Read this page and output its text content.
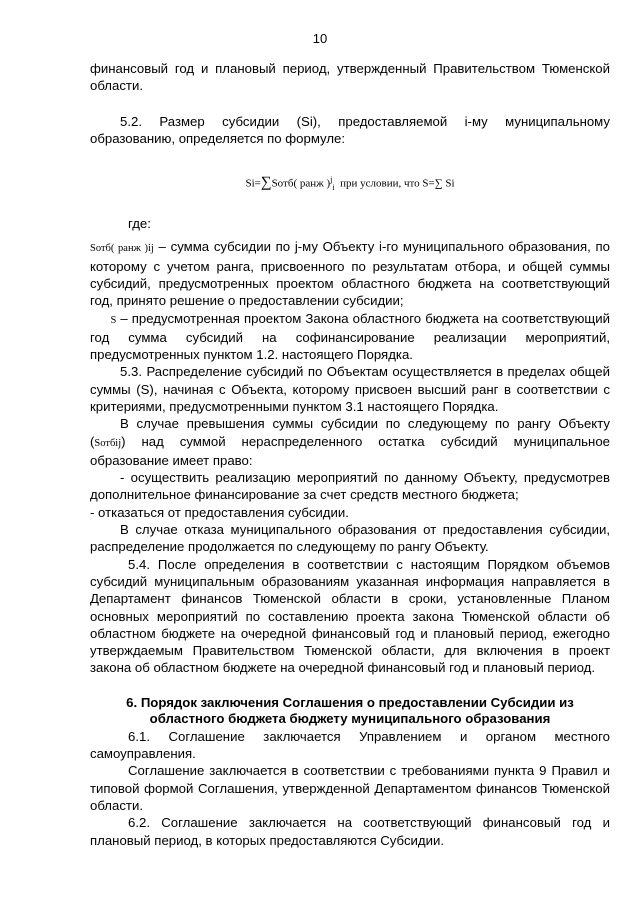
10

финансовый год и плановый период, утвержденный Правительством Тюменской области.

5.2. Размер субсидии (Si), предоставляемой i-му муниципальному образованию, определяется по формуле:

Si=∑Sотб( ранж )$^j_i$ при условии, что S=∑ Si

где:

Sотб( ранж )ij – сумма субсидии по j-му Объекту i-го муниципального образования, по которому с учетом ранга, присвоенного по результатам отбора, и общей суммы субсидий, предусмотренных проектом областного бюджета на соответствующий год, принято решение о предоставлении субсидии;

S – предусмотренная проектом Закона областного бюджета на соответствующий год сумма субсидий на софинансирование реализации мероприятий, предусмотренных пунктом 1.2. настоящего Порядка.

5.3. Распределение субсидий по Объектам осуществляется в пределах общей суммы (S), начиная с Объекта, которому присвоен высший ранг в соответствии с критериями, предусмотренными пунктом 3.1 настоящего Порядка.

В случае превышения суммы субсидии по следующему по рангу Объекту (Sотбij) над суммой нераспределенного остатка субсидий муниципальное образование имеет право:

- осуществить реализацию мероприятий по данному Объекту, предусмотрев дополнительное финансирование за счет средств местного бюджета;

- отказаться от предоставления субсидии.

В случае отказа муниципального образования от предоставления субсидии, распределение продолжается по следующему по рангу Объекту.

5.4. После определения в соответствии с настоящим Порядком объемов субсидий муниципальным образованиям указанная информация направляется в Департамент финансов Тюменской области в сроки, установленные Планом основных мероприятий по составлению проекта закона Тюменской области об областном бюджете на очередной финансовый год и плановый период, ежегодно утверждаемым Правительством Тюменской области, для включения в проект закона об областном бюджете на очередной финансовый год и плановый период.

6. Порядок заключения Соглашения о предоставлении Субсидии из областного бюджета бюджету муниципального образования

6.1. Соглашение заключается Управлением и органом местного самоуправления.

Соглашение заключается в соответствии с требованиями пункта 9 Правил и типовой формой Соглашения, утвержденной Департаментом финансов Тюменской области.

6.2. Соглашение заключается на соответствующий финансовый год и плановый период, в которых предоставляются Субсидии.
